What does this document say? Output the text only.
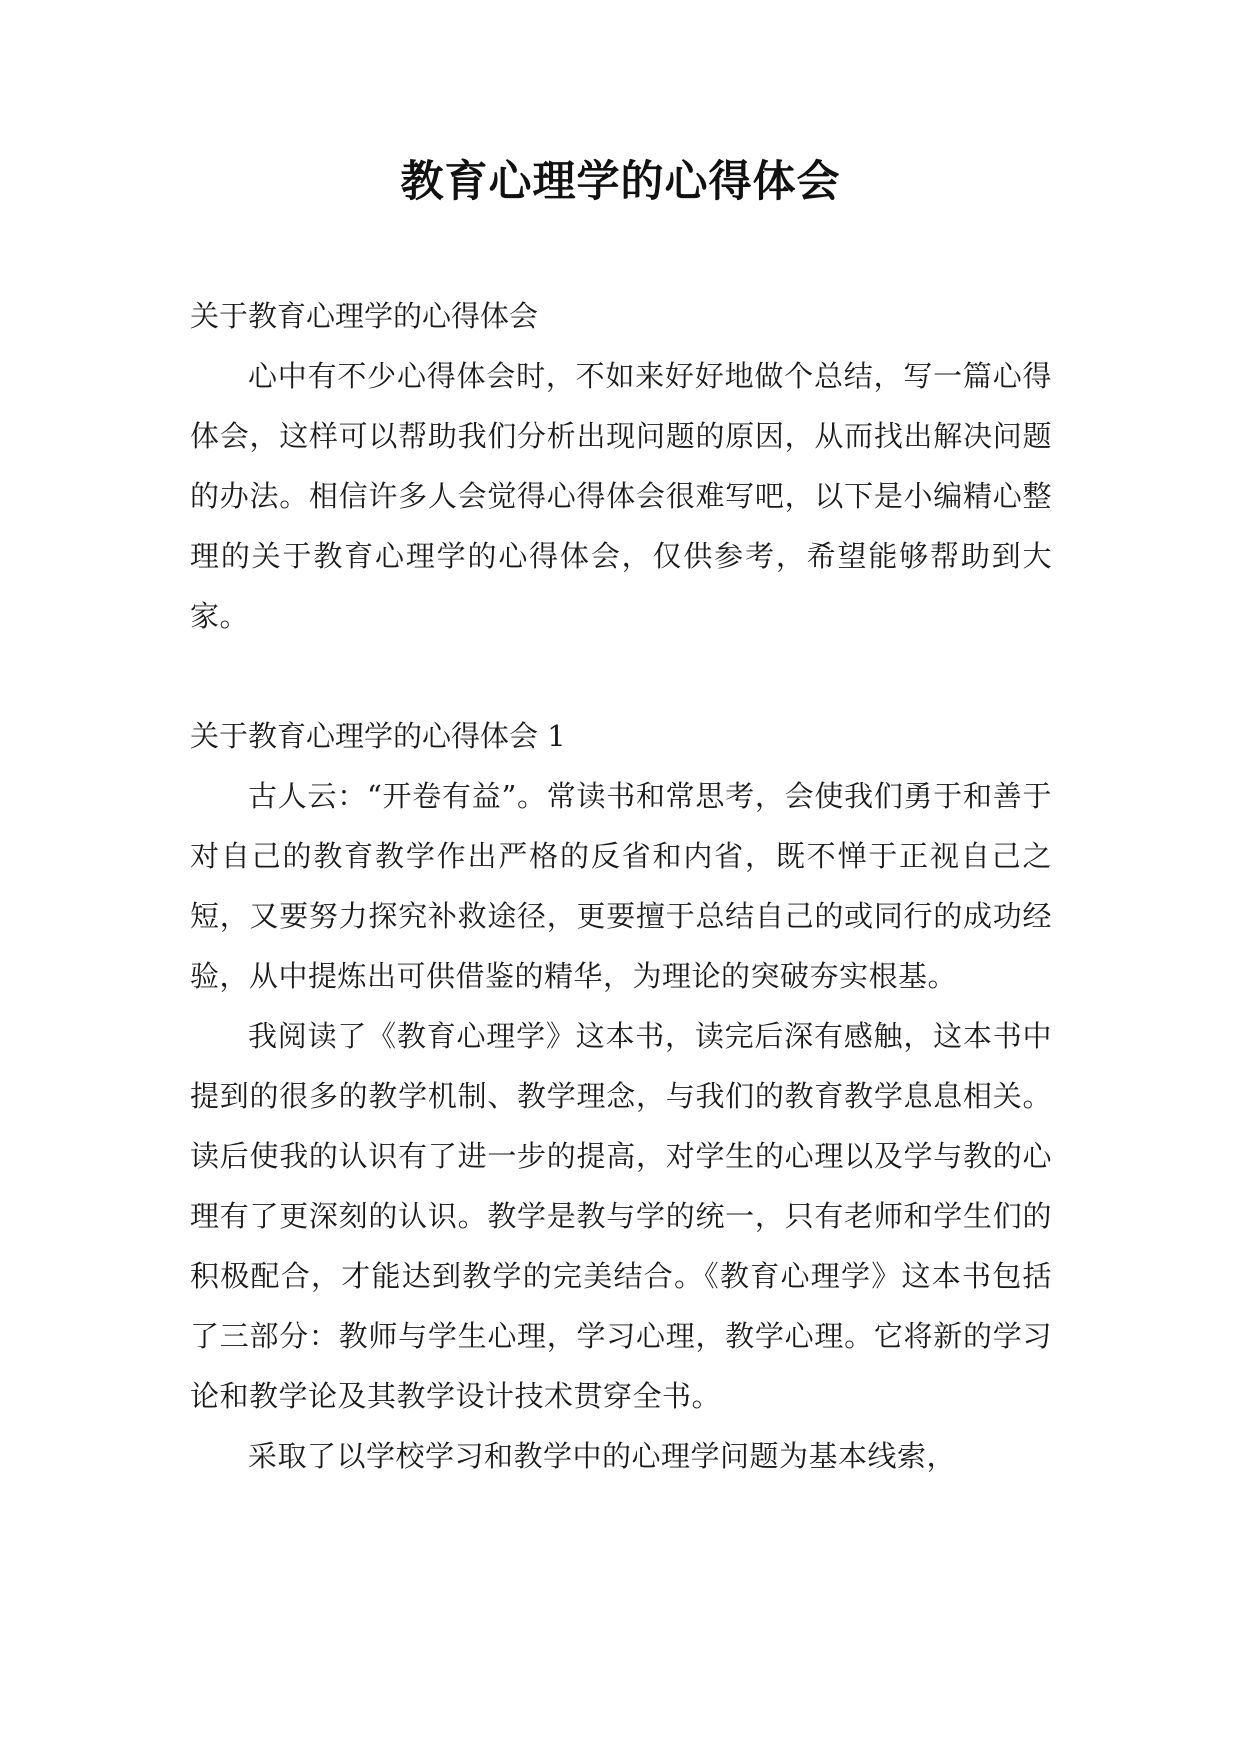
教育心理学的心得体会

关于教育心理学的心得体会

心中有不少心得体会时，不如来好好地做个总结，写一篇心得体会，这样可以帮助我们分析出现问题的原因，从而找出解决问题的办法。相信许多人会觉得心得体会很难写吧，以下是小编精心整理的关于教育心理学的心得体会，仅供参考，希望能够帮助到大家。

关于教育心理学的心得体会 1

古人云：“开卷有益”。常读书和常思考，会使我们勇于和善于对自己的教育教学作出严格的反省和内省，既不惮于正视自己之短，又要努力探究补救途径，更要擅于总结自己的或同行的成功经验，从中提炼出可供借鉴的精华，为理论的突破夯实根基。

我阅读了《教育心理学》这本书，读完后深有感触，这本书中提到的很多的教学机制、教学理念，与我们的教育教学息息相关。读后使我的认识有了进一步的提高，对学生的心理以及学与教的心理有了更深刻的认识。教学是教与学的统一，只有老师和学生们的积极配合，才能达到教学的完美结合。《教育心理学》这本书包括了三部分：教师与学生心理，学习心理，教学心理。它将新的学习论和教学论及其教学设计技术贯穿全书。

采取了以学校学习和教学中的心理学问题为基本线索，
